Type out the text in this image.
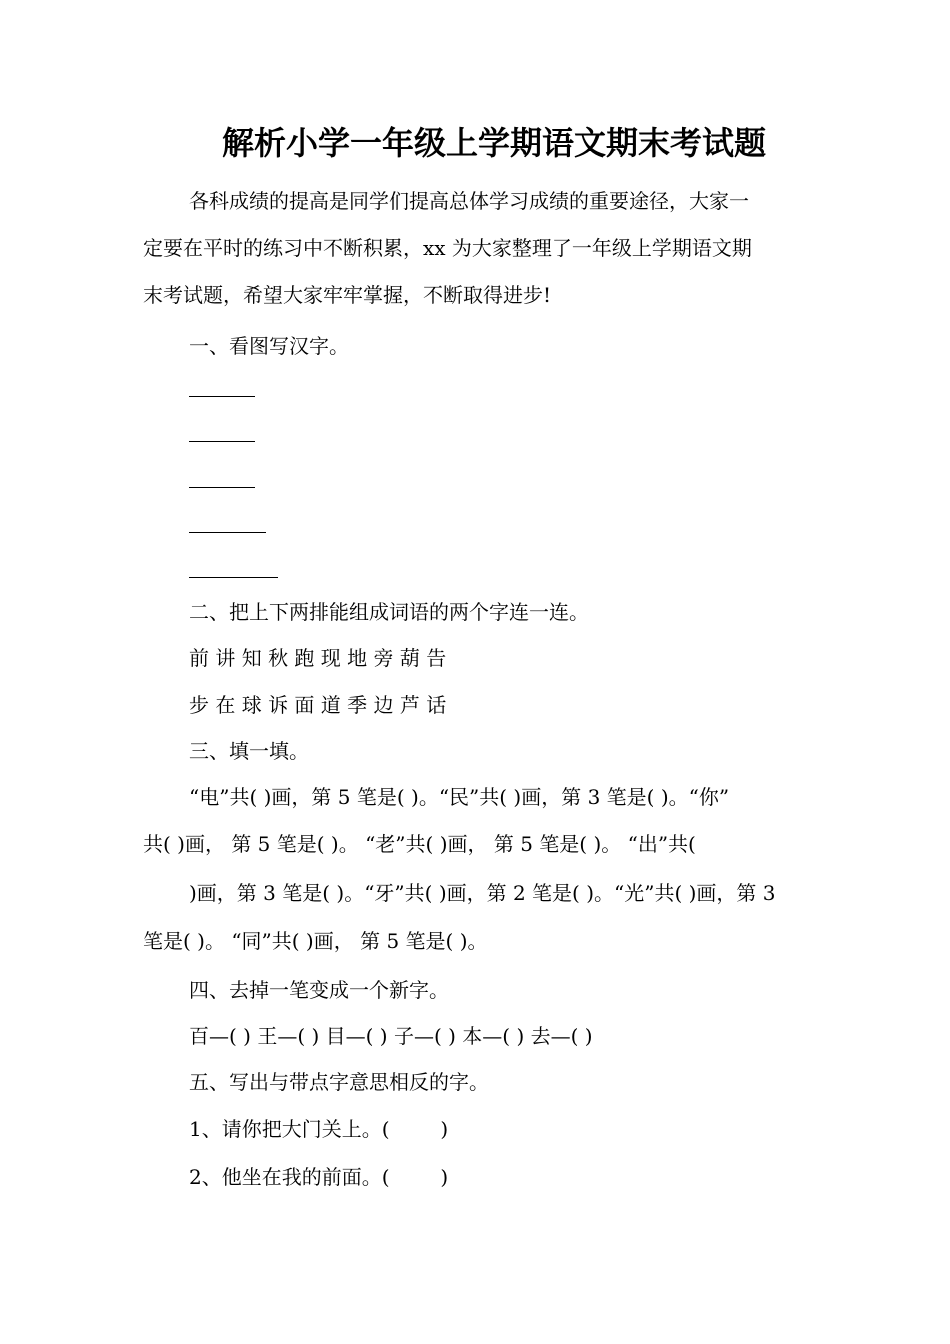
解析小学一年级上学期语文期末考试题
各科成绩的提高是同学们提高总体学习成绩的重要途径，大家一
定要在平时的练习中不断积累，xx 为大家整理了一年级上学期语文期
末考试题，希望大家牢牢掌握，不断取得进步!
一、看图写汉字。
二、把上下两排能组成词语的两个字连一连。
前 讲 知 秋 跑 现 地 旁 葫 告
步 在 球 诉 面 道 季 边 芦 话
三、填一填。
“电”共( )画，第 5 笔是( )。“民”共( )画，第 3 笔是( )。“你”
共( )画， 第 5 笔是( )。 “老”共( )画， 第 5 笔是( )。 “出”共(
)画，第 3 笔是( )。“牙”共( )画，第 2 笔是( )。“光”共( )画，第 3
笔是( )。 “同”共( )画， 第 5 笔是( )。
四、去掉一笔变成一个新字。
百—( ) 王—( ) 目—( ) 子—( ) 本—( ) 去—( )
五、写出与带点字意思相反的字。
1、请你把大门关上。(        )
2、他坐在我的前面。(        )
